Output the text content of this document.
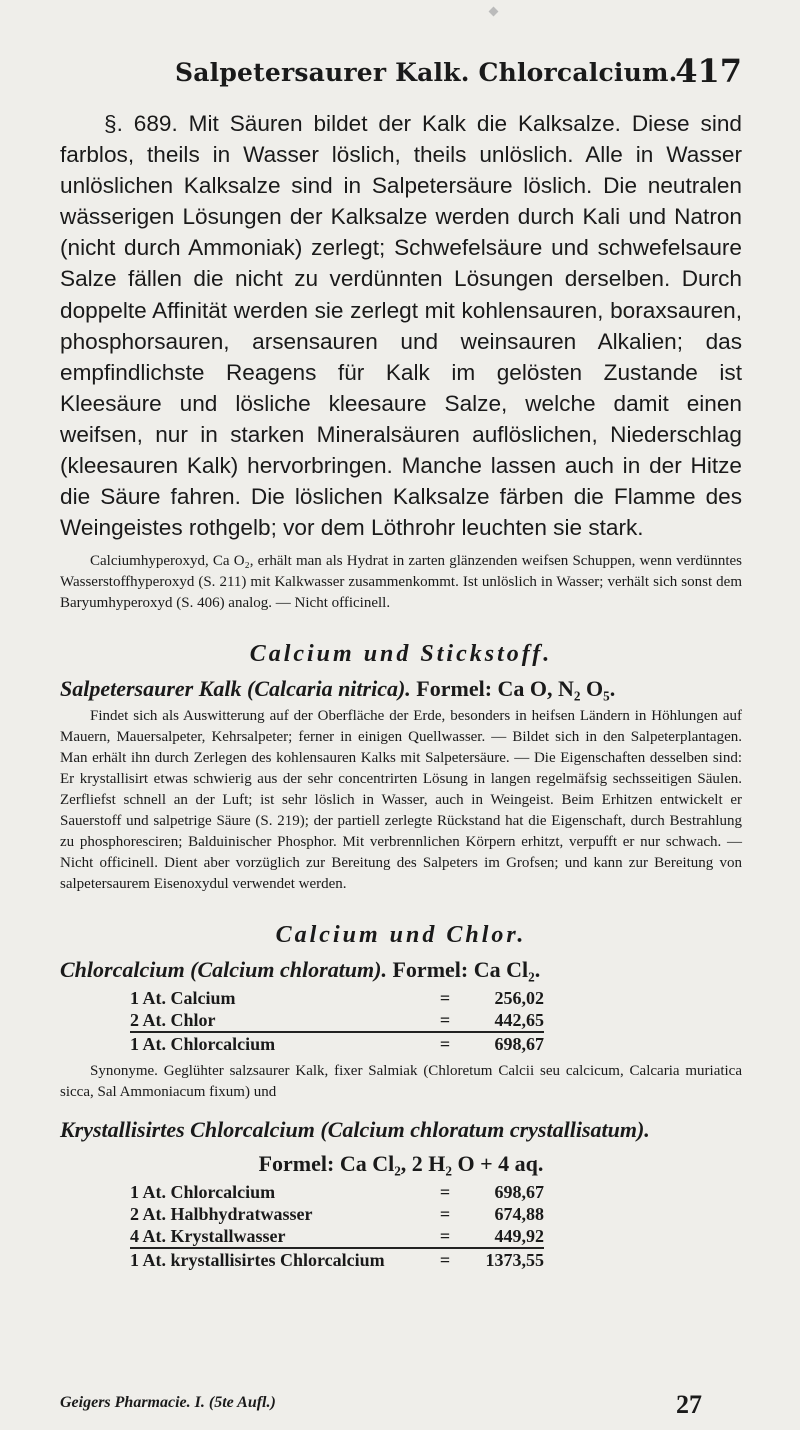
Salpetersaurer Kalk. Chlorcalcium.
417

§. 689. Mit Säuren bildet der Kalk die Kalksalze. Diese sind farblos, theils in Wasser löslich, theils unlöslich. Alle in Wasser unlöslichen Kalksalze sind in Salpetersäure löslich. Die neutralen wässerigen Lösungen der Kalksalze werden durch Kali und Natron (nicht durch Ammoniak) zerlegt; Schwefelsäure und schwefelsaure Salze fällen die nicht zu verdünnten Lösungen derselben. Durch doppelte Affinität werden sie zerlegt mit kohlensauren, boraxsauren, phosphorsauren, arsensauren und weinsauren Alkalien; das empfindlichste Reagens für Kalk im gelösten Zustande ist Kleesäure und lösliche kleesaure Salze, welche damit einen weifsen, nur in starken Mineralsäuren auflöslichen, Niederschlag (kleesauren Kalk) hervorbringen. Manche lassen auch in der Hitze die Säure fahren. Die löslichen Kalksalze färben die Flamme des Weingeistes rothgelb; vor dem Löthrohr leuchten sie stark.

Calciumhyperoxyd, Ca O₂, erhält man als Hydrat in zarten glänzenden weifsen Schuppen, wenn verdünntes Wasserstoffhyperoxyd (S. 211) mit Kalkwasser zusammenkommt. Ist unlöslich in Wasser; verhält sich sonst dem Baryumhyperoxyd (S. 406) analog. — Nicht officinell.

Calcium und Stickstoff.

Salpetersaurer Kalk (Calcaria nitrica). Formel: Ca O, N₂ O₅.

Findet sich als Auswitterung auf der Oberfläche der Erde, besonders in heifsen Ländern in Höhlungen auf Mauern, Mauersalpeter, Kehrsalpeter; ferner in einigen Quellwasser. — Bildet sich in den Salpeterplantagen. Man erhält ihn durch Zerlegen des kohlensauren Kalks mit Salpetersäure. — Die Eigenschaften desselben sind: Er krystallisirt etwas schwierig aus der sehr concentrirten Lösung in langen regelmäfsig sechsseitigen Säulen. Zerfliefst schnell an der Luft; ist sehr löslich in Wasser, auch in Weingeist. Beim Erhitzen entwickelt er Sauerstoff und salpetrige Säure (S. 219); der partiell zerlegte Rückstand hat die Eigenschaft, durch Bestrahlung zu phosphoresciren; Balduinischer Phosphor. Mit verbrennlichen Körpern erhitzt, verpufft er nur schwach. — Nicht officinell. Dient aber vorzüglich zur Bereitung des Salpeters im Grofsen; und kann zur Bereitung von salpetersaurem Eisenoxydul verwendet werden.

Calcium und Chlor.

Chlorcalcium (Calcium chloratum). Formel: Ca Cl₂.

1 At. Calcium	=	256,02
2 At. Chlor	=	442,65
1 At. Chlorcalcium	=	698,67

Synonyme. Geglühter salzsaurer Kalk, fixer Salmiak (Chloretum Calcii seu calcicum, Calcaria muriatica sicca, Sal Ammoniacum fixum) und

Krystallisirtes Chlorcalcium (Calcium chloratum crystallisatum).

Formel: Ca Cl₂, 2 H₂ O + 4 aq.

1 At. Chlorcalcium	=	698,67
2 At. Halbhydratwasser	=	674,88
4 At. Krystallwasser	=	449,92
1 At. krystallisirtes Chlorcalcium	=	1373,55
Geigers Pharmacie. I. (5te Aufl.)	27
